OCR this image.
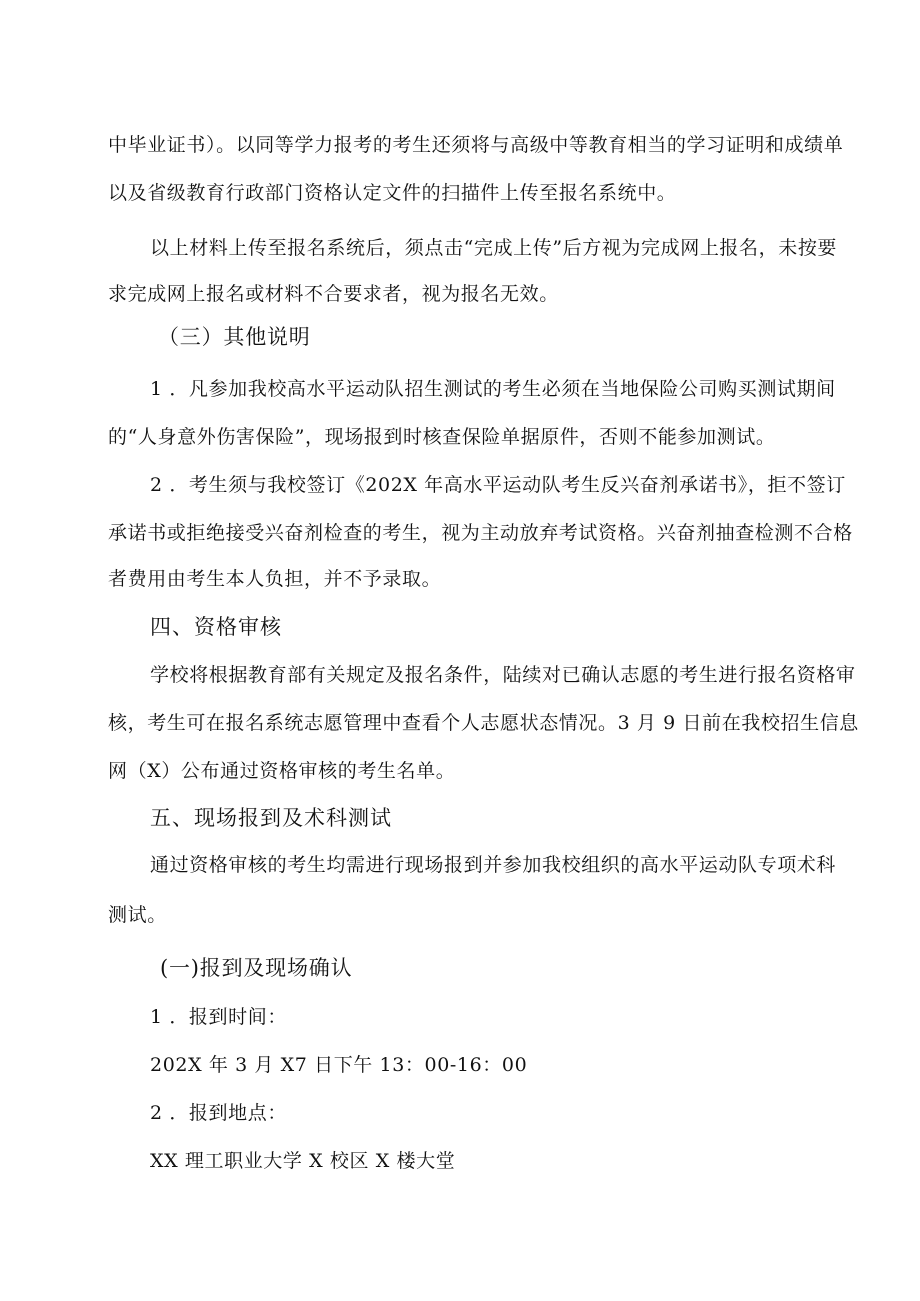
中毕业证书）。以同等学力报考的考生还须将与高级中等教育相当的学习证明和成绩单
以及省级教育行政部门资格认定文件的扫描件上传至报名系统中。
以上材料上传至报名系统后，须点击“完成上传”后方视为完成网上报名，未按要
求完成网上报名或材料不合要求者，视为报名无效。
（三）其他说明
1 ．凡参加我校高水平运动队招生测试的考生必须在当地保险公司购买测试期间
的“人身意外伤害保险”，现场报到时核查保险单据原件，否则不能参加测试。
2 ．考生须与我校签订《202X 年高水平运动队考生反兴奋剂承诺书》，拒不签订
承诺书或拒绝接受兴奋剂检查的考生，视为主动放弃考试资格。兴奋剂抽查检测不合格
者费用由考生本人负担，并不予录取。
四、资格审核
学校将根据教育部有关规定及报名条件，陆续对已确认志愿的考生进行报名资格审
核，考生可在报名系统志愿管理中查看个人志愿状态情况。3 月 9 日前在我校招生信息
网（X）公布通过资格审核的考生名单。
五、现场报到及术科测试
通过资格审核的考生均需进行现场报到并参加我校组织的高水平运动队专项术科
测试。
(一)报到及现场确认
1 ．报到时间：
202X 年 3 月 X7 日下午 13：00-16：00
2 ．报到地点：
XX 理工职业大学 X 校区 X 楼大堂
